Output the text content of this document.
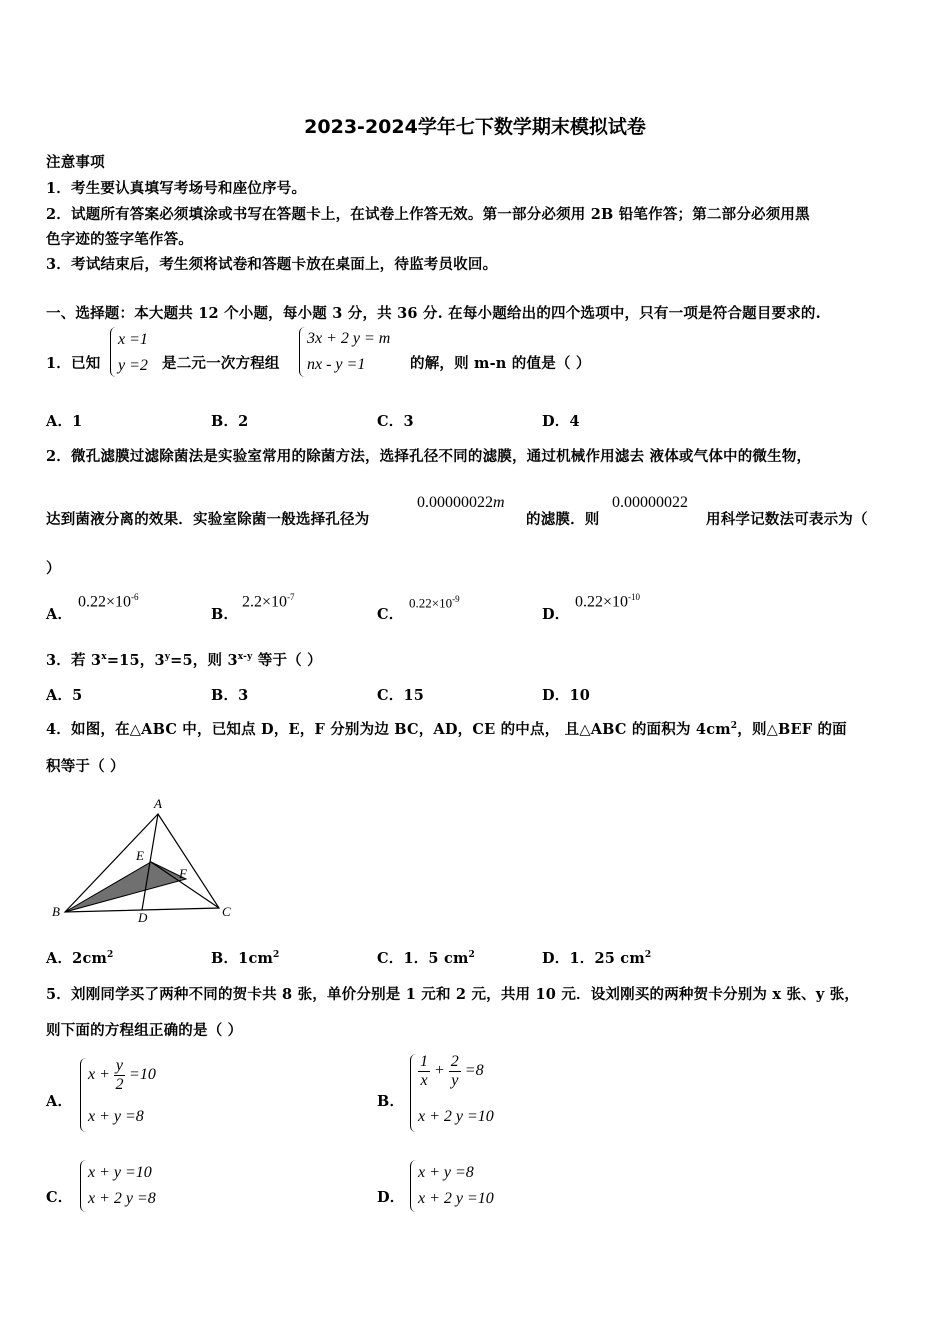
2023-2024学年七下数学期末模拟试卷
注意事项
1．考生要认真填写考场号和座位序号。
2．试题所有答案必须填涂或书写在答题卡上，在试卷上作答无效。第一部分必须用 2B 铅笔作答；第二部分必须用黑
色字迹的签字笔作答。
3．考试结束后，考生须将试卷和答题卡放在桌面上，待监考员收回。
一、选择题：本大题共 12 个小题，每小题 3 分，共 36 分. 在每小题给出的四个选项中，只有一项是符合题目要求的.
1．已知
x =1
y =2 是二元一次方程组
3x + 2 y = m
nx - y =1	的解，则 m-n 的值是（ ）
A．1	B．2	C．3	D．4
2．微孔滤膜过滤除菌法是实验室常用的除菌方法，选择孔径不同的滤膜，通过机械作用滤去 液体或气体中的微生物，
达到菌液分离的效果．实验室除菌一般选择孔径为
0.00000022m
的滤膜．则
0.00000022
用科学记数法可表示为（
）
A．
$0.22\times 10^{-6}$
B．
$2.2\times 10^{-7}$
C．
$0.22\times 10^{-9}$
D．
$0.22\times 10^{-10}$
3．若 $3^x=15$，$3^y=5$，则 3$^{x-y}$ 等于（ ）
A．5	B．3	C．15	D．10
4．如图，在△ABC 中，已知点 D，E，F 分别为边 BC，AD，CE 的中点， 且△ABC 的面积为 $4cm^2$，则△BEF 的面
积等于（ ）
A
E
F
B	D	C
A．$2cm^2$	B．$1cm^2$	C．1．5 $cm^2$	D．1．25 $cm^2$
5．刘刚同学买了两种不同的贺卡共 8 张，单价分别是 1 元和 2 元，共用 10 元．设刘刚买的两种贺卡分别为 x 张、y 张，
则下面的方程组正确的是（ ）
A．
$x + \frac{y}{2} =10$
x + y =8
B．
$\frac{1}{x} + \frac{2}{y} =8$
x + 2 y =10
C．
x + y =10
x + 2 y =8	D．
x + y =8
x + 2 y =10
